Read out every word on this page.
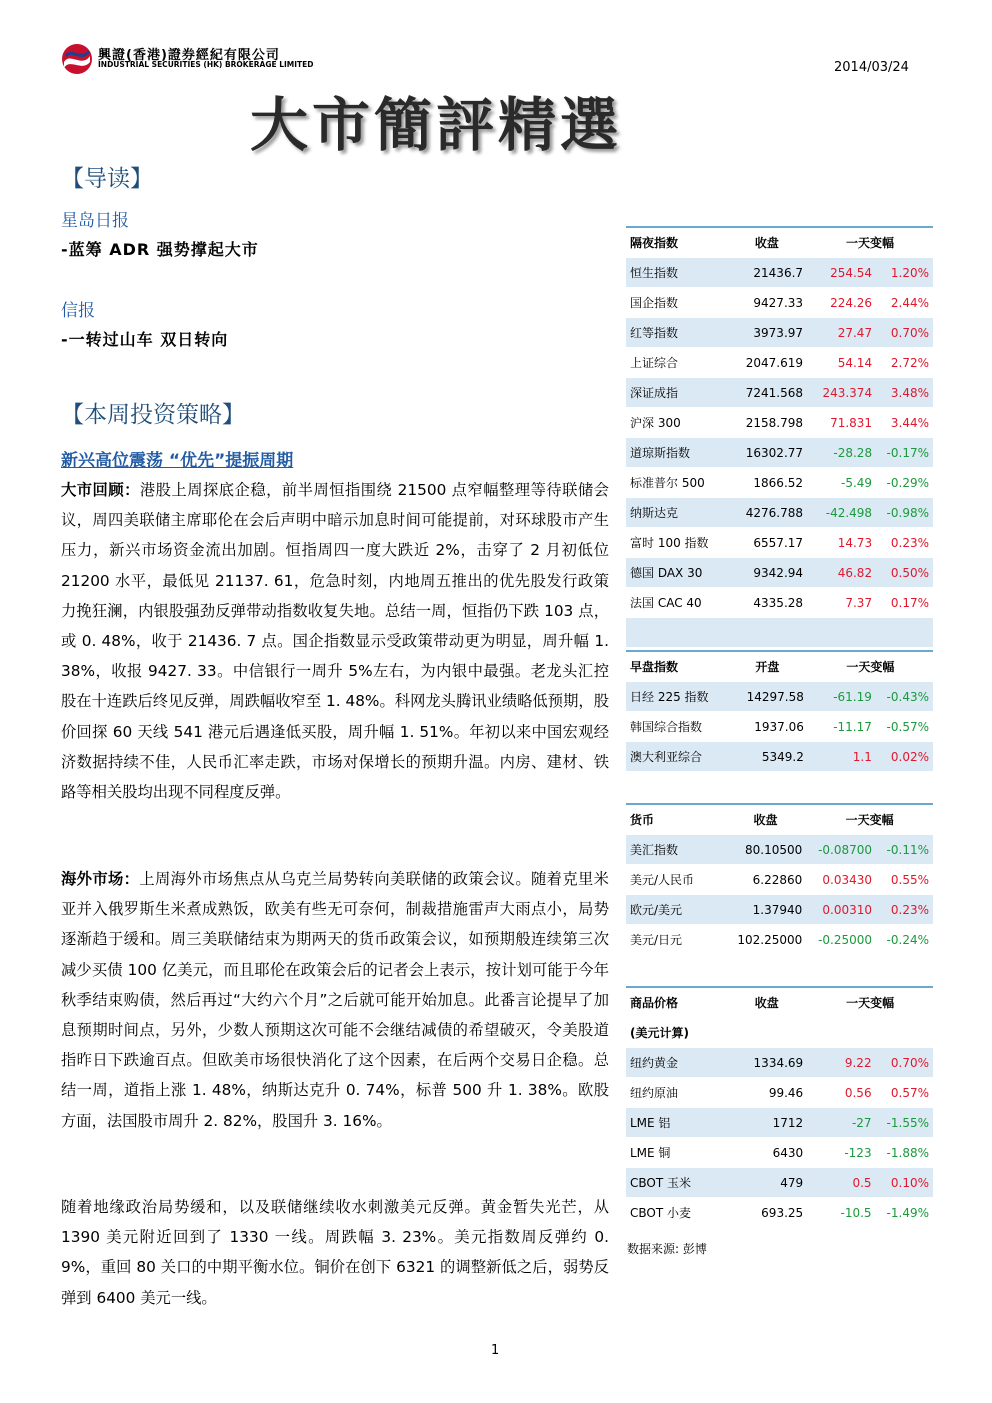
興證(香港)證券經紀有限公司
INDUSTRIAL SECURITIES (HK) BROKERAGE LIMITED	2014/03/24
大市簡評精選
【导读】
星岛日报
-蓝筹 ADR 强势撑起大市
信报
-一转过山车 双日转向
【本周投资策略】
新兴高位震荡 “优先”提振周期

大市回顾：港股上周探底企稳，前半周恒指围绕 21500 点窄幅整理等待联储会议，周四美联储主席耶伦在会后声明中暗示加息时间可能提前，对环球股市产生压力，新兴市场资金流出加剧。恒指周四一度大跌近 2%，击穿了 2 月初低位 21200 水平，最低见 21137. 61，危急时刻，内地周五推出的优先股发行政策力挽狂澜，内银股强劲反弹带动指数收复失地。总结一周，恒指仍下跌 103 点，或 0. 48%，收于 21436. 7 点。国企指数显示受政策带动更为明显，周升幅 1. 38%，收报 9427. 33。中信银行一周升 5%左右，为内银中最强。老龙头汇控股在十连跌后终见反弹，周跌幅收窄至 1. 48%。科网龙头腾讯业绩略低预期，股价回探 60 天线 541 港元后遇逢低买股，周升幅 1. 51%。年初以来中国宏观经济数据持续不佳，人民币汇率走跌，市场对保增长的预期升温。内房、建材、铁路等相关股均出现不同程度反弹。

海外市场：上周海外市场焦点从乌克兰局势转向美联储的政策会议。随着克里米亚并入俄罗斯生米煮成熟饭，欧美有些无可奈何，制裁措施雷声大雨点小，局势逐渐趋于缓和。周三美联储结束为期两天的货币政策会议，如预期般连续第三次减少买债 100 亿美元，而且耶伦在政策会后的记者会上表示，按计划可能于今年秋季结束购债，然后再过“大约六个月”之后就可能开始加息。此番言论提早了加息预期时间点，另外，少数人预期这次可能不会继结减债的希望破灭，令美股道指昨日下跌逾百点。但欧美市场很快消化了这个因素，在后两个交易日企稳。总结一周，道指上涨 1. 48%，纳斯达克升 0. 74%，标普 500 升 1. 38%。欧股方面，法国股市周升 2. 82%，股国升 3. 16%。

随着地缘政治局势缓和，以及联储继续收水刺激美元反弹。黄金暂失光芒，从 1390 美元附近回到了 1330 一线。周跌幅 3. 23%。美元指数周反弹约 0. 9%，重回 80 关口的中期平衡水位。铜价在创下 6321 的调整新低之后，弱势反弹到 6400 美元一线。

隔夜指数	收盘	一天变幅	
恒生指数	21436.7	254.54	1.20%
国企指数	9427.33	224.26	2.44%
红等指数	3973.97	27.47	0.70%
上证综合	2047.619	54.14	2.72%
深证成指	7241.568	243.374	3.48%
沪深 300	2158.798	71.831	3.44%
道琼斯指数	16302.77	-28.28	-0.17%
标准普尔 500	1866.52	-5.49	-0.29%
纳斯达克	4276.788	-42.498	-0.98%
富时 100 指数	6557.17	14.73	0.23%
德国 DAX 30	9342.94	46.82	0.50%
法国 CAC 40	4335.28	7.37	0.17%

早盘指数	开盘	一天变幅	
日经 225 指数	14297.58	-61.19	-0.43%
韩国综合指数	1937.06	-11.17	-0.57%
澳大利亚综合	5349.2	1.1	0.02%
货币	收盘	一天变幅	
美汇指数	80.10500	-0.08700	-0.11%
美元/人民币	6.22860	0.03430	0.55%
欧元/美元	1.37940	0.00310	0.23%
美元/日元	102.25000	-0.25000	-0.24%
商品价格	收盘	一天变幅	
(美元计算)			
纽约黄金	1334.69	9.22	0.70%
纽约原油	99.46	0.56	0.57%
LME 铝	1712	-27	-1.55%
LME 铜	6430	-123	-1.88%
CBOT 玉米	479	0.5	0.10%
CBOT 小麦	693.25	-10.5	-1.49%
数据来源: 彭博
1
